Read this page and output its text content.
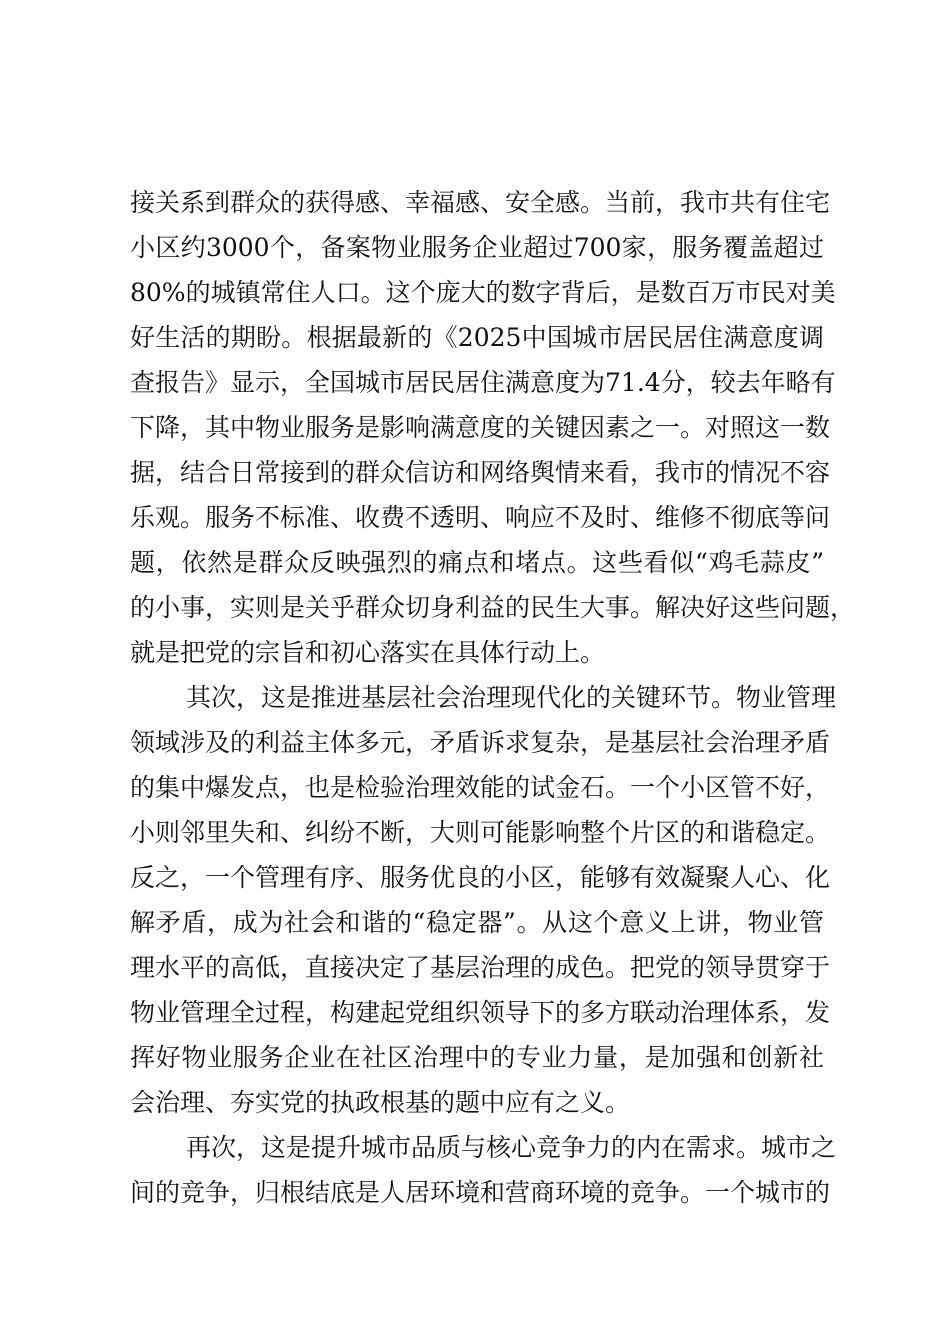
接关系到群众的获得感、幸福感、安全感。当前，我市共有住宅
小区约3000个，备案物业服务企业超过700家，服务覆盖超过
80%的城镇常住人口。这个庞大的数字背后，是数百万市民对美
好生活的期盼。根据最新的《2025中国城市居民居住满意度调
查报告》显示，全国城市居民居住满意度为71.4分，较去年略有
下降，其中物业服务是影响满意度的关键因素之一。对照这一数
据，结合日常接到的群众信访和网络舆情来看，我市的情况不容
乐观。服务不标准、收费不透明、响应不及时、维修不彻底等问
题，依然是群众反映强烈的痛点和堵点。这些看似“鸡毛蒜皮”
的小事，实则是关乎群众切身利益的民生大事。解决好这些问题，
就是把党的宗旨和初心落实在具体行动上。
其次，这是推进基层社会治理现代化的关键环节。物业管理
领域涉及的利益主体多元，矛盾诉求复杂，是基层社会治理矛盾
的集中爆发点，也是检验治理效能的试金石。一个小区管不好，
小则邻里失和、纠纷不断，大则可能影响整个片区的和谐稳定。
反之，一个管理有序、服务优良的小区，能够有效凝聚人心、化
解矛盾，成为社会和谐的“稳定器”。从这个意义上讲，物业管
理水平的高低，直接决定了基层治理的成色。把党的领导贯穿于
物业管理全过程，构建起党组织领导下的多方联动治理体系，发
挥好物业服务企业在社区治理中的专业力量，是加强和创新社
会治理、夯实党的执政根基的题中应有之义。
再次，这是提升城市品质与核心竞争力的内在需求。城市之
间的竞争，归根结底是人居环境和营商环境的竞争。一个城市的
